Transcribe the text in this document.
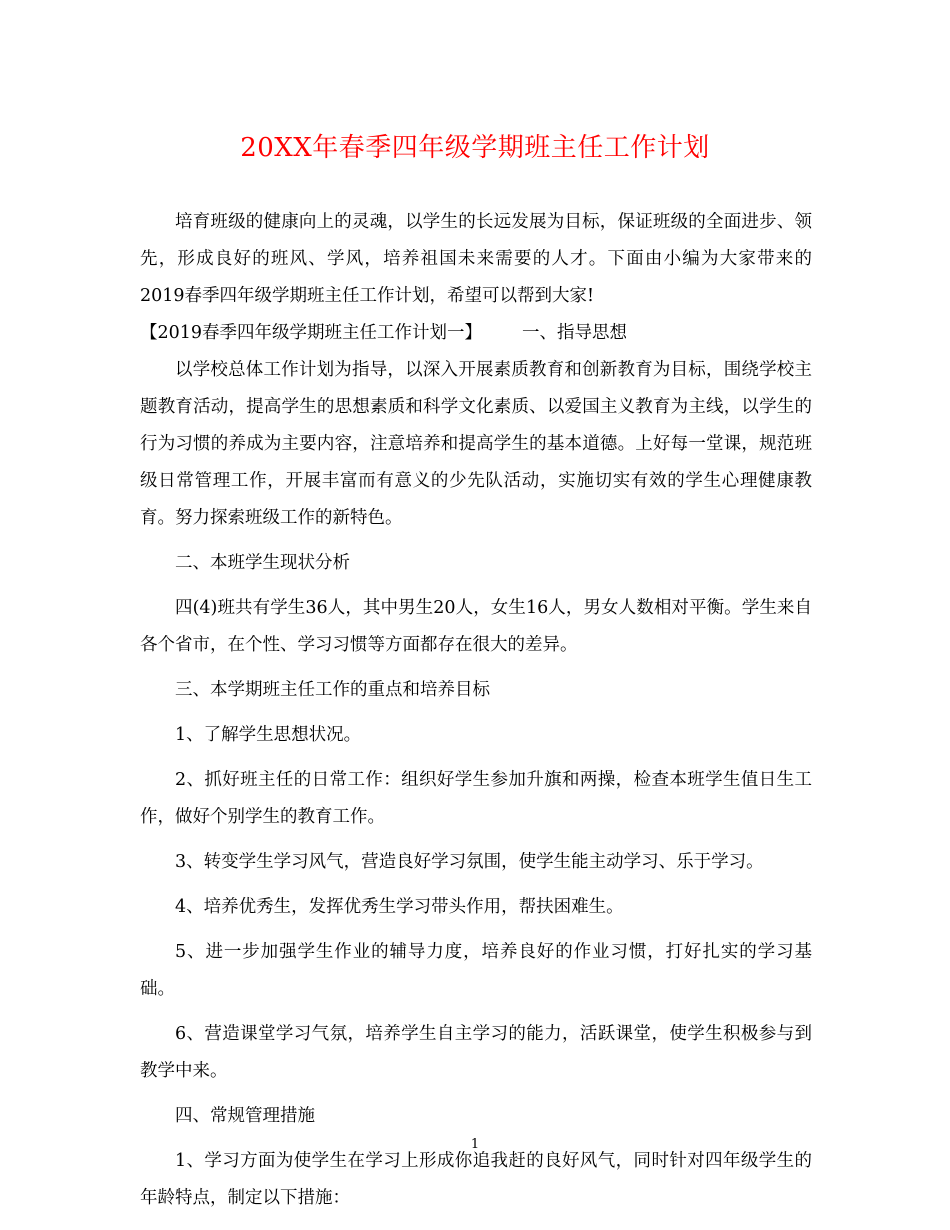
20XX年春季四年级学期班主任工作计划

培育班级的健康向上的灵魂，以学生的长远发展为目标，保证班级的全面进步、领先，形成良好的班风、学风，培养祖国未来需要的人才。下面由小编为大家带来的2019春季四年级学期班主任工作计划，希望可以帮到大家!

【2019春季四年级学期班主任工作计划一】 一、指导思想

以学校总体工作计划为指导，以深入开展素质教育和创新教育为目标，围绕学校主题教育活动，提高学生的思想素质和科学文化素质、以爱国主义教育为主线，以学生的行为习惯的养成为主要内容，注意培养和提高学生的基本道德。上好每一堂课，规范班级日常管理工作，开展丰富而有意义的少先队活动，实施切实有效的学生心理健康教育。努力探索班级工作的新特色。

二、本班学生现状分析

四(4)班共有学生36人，其中男生20人，女生16人，男女人数相对平衡。学生来自各个省市，在个性、学习习惯等方面都存在很大的差异。

三、本学期班主任工作的重点和培养目标

1、了解学生思想状况。

2、抓好班主任的日常工作：组织好学生参加升旗和两操，检查本班学生值日生工作，做好个别学生的教育工作。

3、转变学生学习风气，营造良好学习氛围，使学生能主动学习、乐于学习。

4、培养优秀生，发挥优秀生学习带头作用，帮扶困难生。

5、进一步加强学生作业的辅导力度，培养良好的作业习惯，打好扎实的学习基础。

6、营造课堂学习气氛，培养学生自主学习的能力，活跃课堂，使学生积极参与到教学中来。

四、常规管理措施

1、学习方面为使学生在学习上形成你追我赶的良好风气，同时针对四年级学生的年龄特点，制定以下措施：

1
